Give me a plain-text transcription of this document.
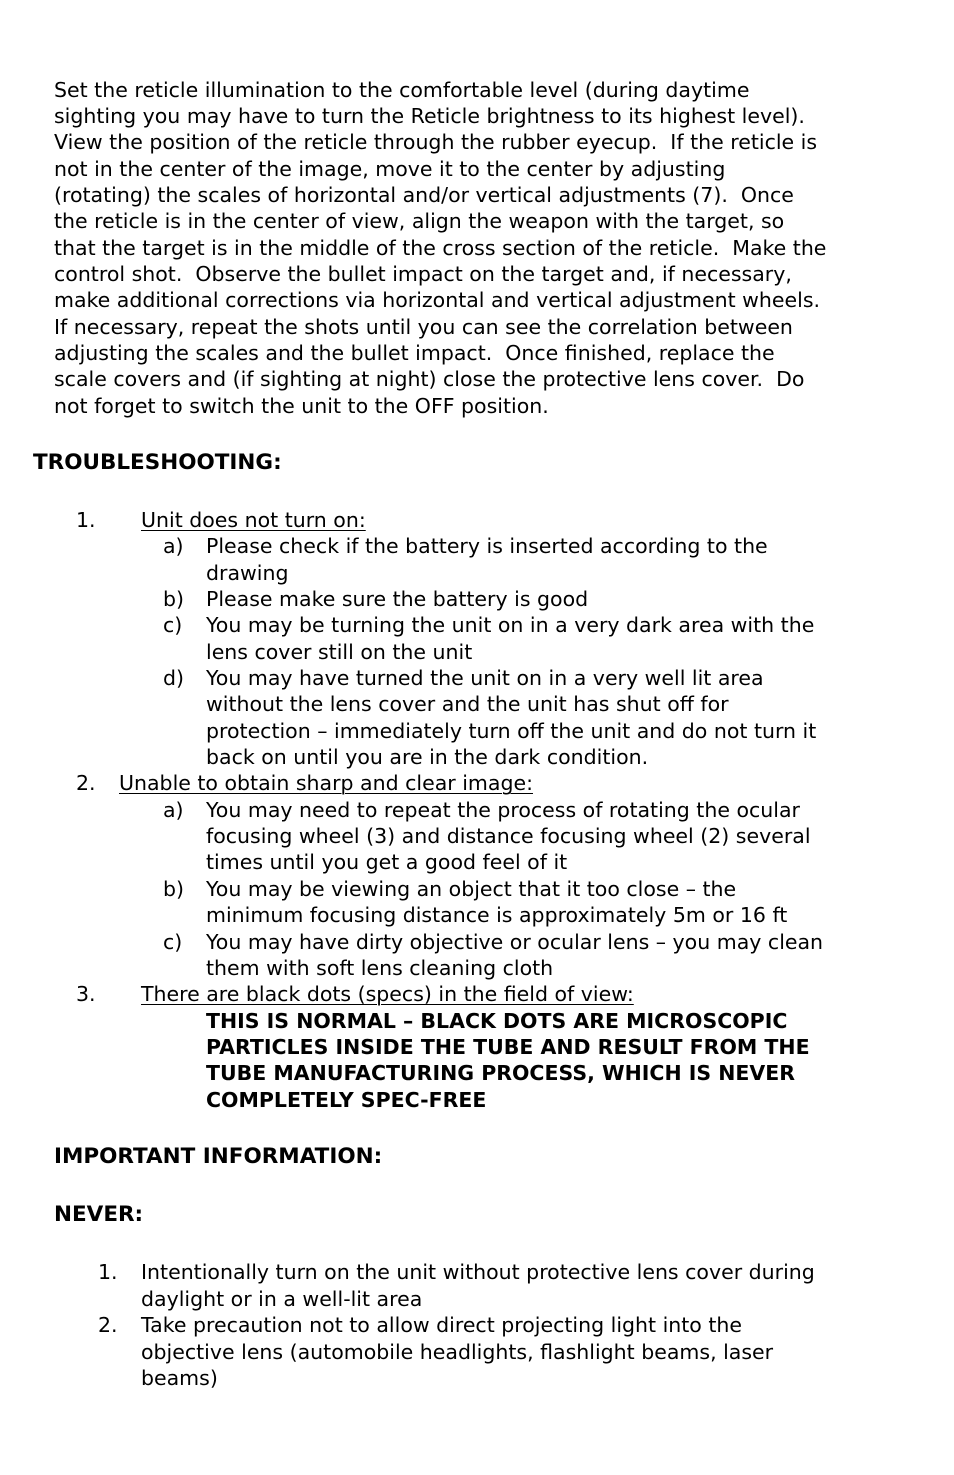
Set the reticle illumination to the comfortable level (during daytime
sighting you may have to turn the Reticle brightness to its highest level).
View the position of the reticle through the rubber eyecup.  If the reticle is
not in the center of the image, move it to the center by adjusting
(rotating) the scales of horizontal and/or vertical adjustments (7).  Once
the reticle is in the center of view, align the weapon with the target, so
that the target is in the middle of the cross section of the reticle.  Make the
control shot.  Observe the bullet impact on the target and, if necessary,
make additional corrections via horizontal and vertical adjustment wheels.
If necessary, repeat the shots until you can see the correlation between
adjusting the scales and the bullet impact.  Once finished, replace the
scale covers and (if sighting at night) close the protective lens cover.  Do
not forget to switch the unit to the OFF position.
TROUBLESHOOTING:
1. Unit does not turn on:
a) Please check if the battery is inserted according to the
drawing
b) Please make sure the battery is good
c) You may be turning the unit on in a very dark area with the
lens cover still on the unit
d) You may have turned the unit on in a very well lit area
without the lens cover and the unit has shut off for
protection – immediately turn off the unit and do not turn it
back on until you are in the dark condition.
2. Unable to obtain sharp and clear image:
a) You may need to repeat the process of rotating the ocular
focusing wheel (3) and distance focusing wheel (2) several
times until you get a good feel of it
b) You may be viewing an object that it too close – the
minimum focusing distance is approximately 5m or 16 ft
c) You may have dirty objective or ocular lens – you may clean
them with soft lens cleaning cloth
3. There are black dots (specs) in the field of view:
THIS IS NORMAL – BLACK DOTS ARE MICROSCOPIC
PARTICLES INSIDE THE TUBE AND RESULT FROM THE
TUBE MANUFACTURING PROCESS, WHICH IS NEVER
COMPLETELY SPEC-FREE
IMPORTANT INFORMATION:
NEVER:
1. Intentionally turn on the unit without protective lens cover during
daylight or in a well-lit area
2. Take precaution not to allow direct projecting light into the
objective lens (automobile headlights, flashlight beams, laser
beams)
